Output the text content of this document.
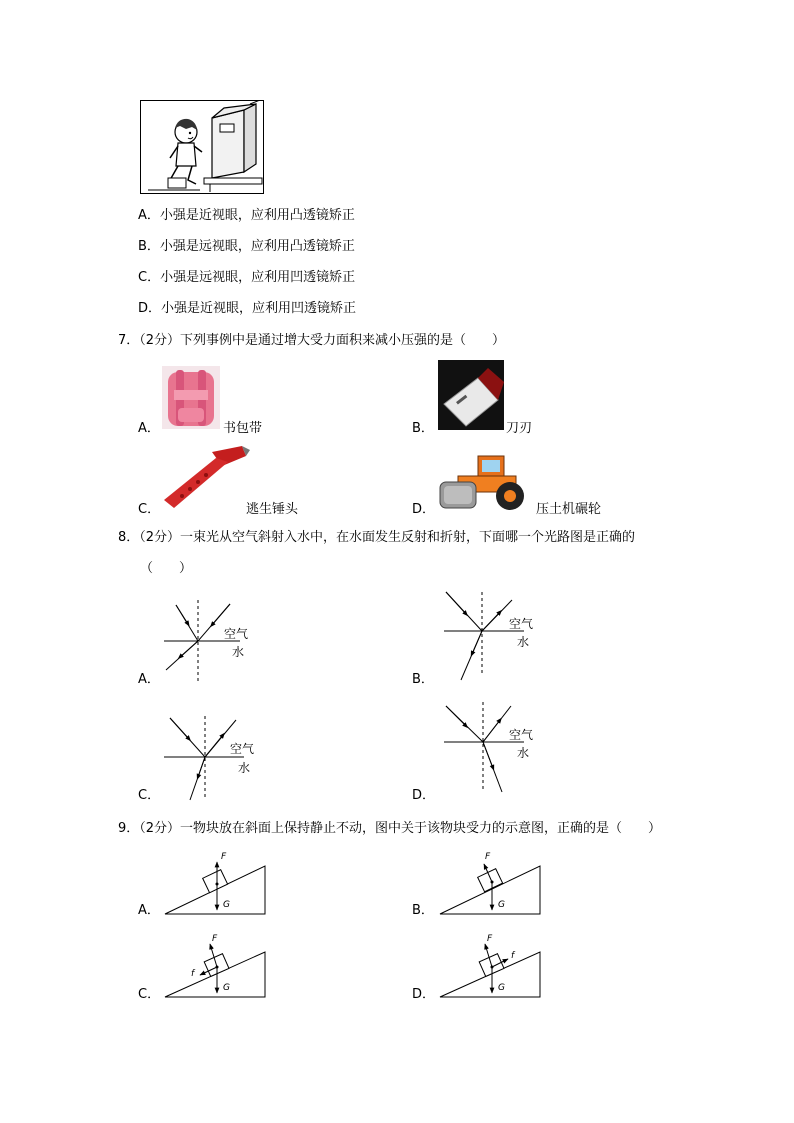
A．小强是近视眼，应利用凸透镜矫正
B．小强是远视眼，应利用凸透镜矫正
C．小强是远视眼，应利用凹透镜矫正
D．小强是近视眼，应利用凹透镜矫正
7．（2分）下列事例中是通过增大受力面积来减小压强的是（　　）
A．	书包带	B．	刀刃
C．	逃生锤头	D．	压土机碾轮
8．（2分）一束光从空气斜射入水中，在水面发生反射和折射，下面哪一个光路图是正确的
（　　）
空气
水
A．
空气
水
B．
空气
水
C．
空气
水
D．
9．（2分）一物块放在斜面上保持静止不动，图中关于该物块受力的示意图，正确的是（　　）
F
G
A．
F
G
B．
F
f
G
C．
F
f
G
D．
